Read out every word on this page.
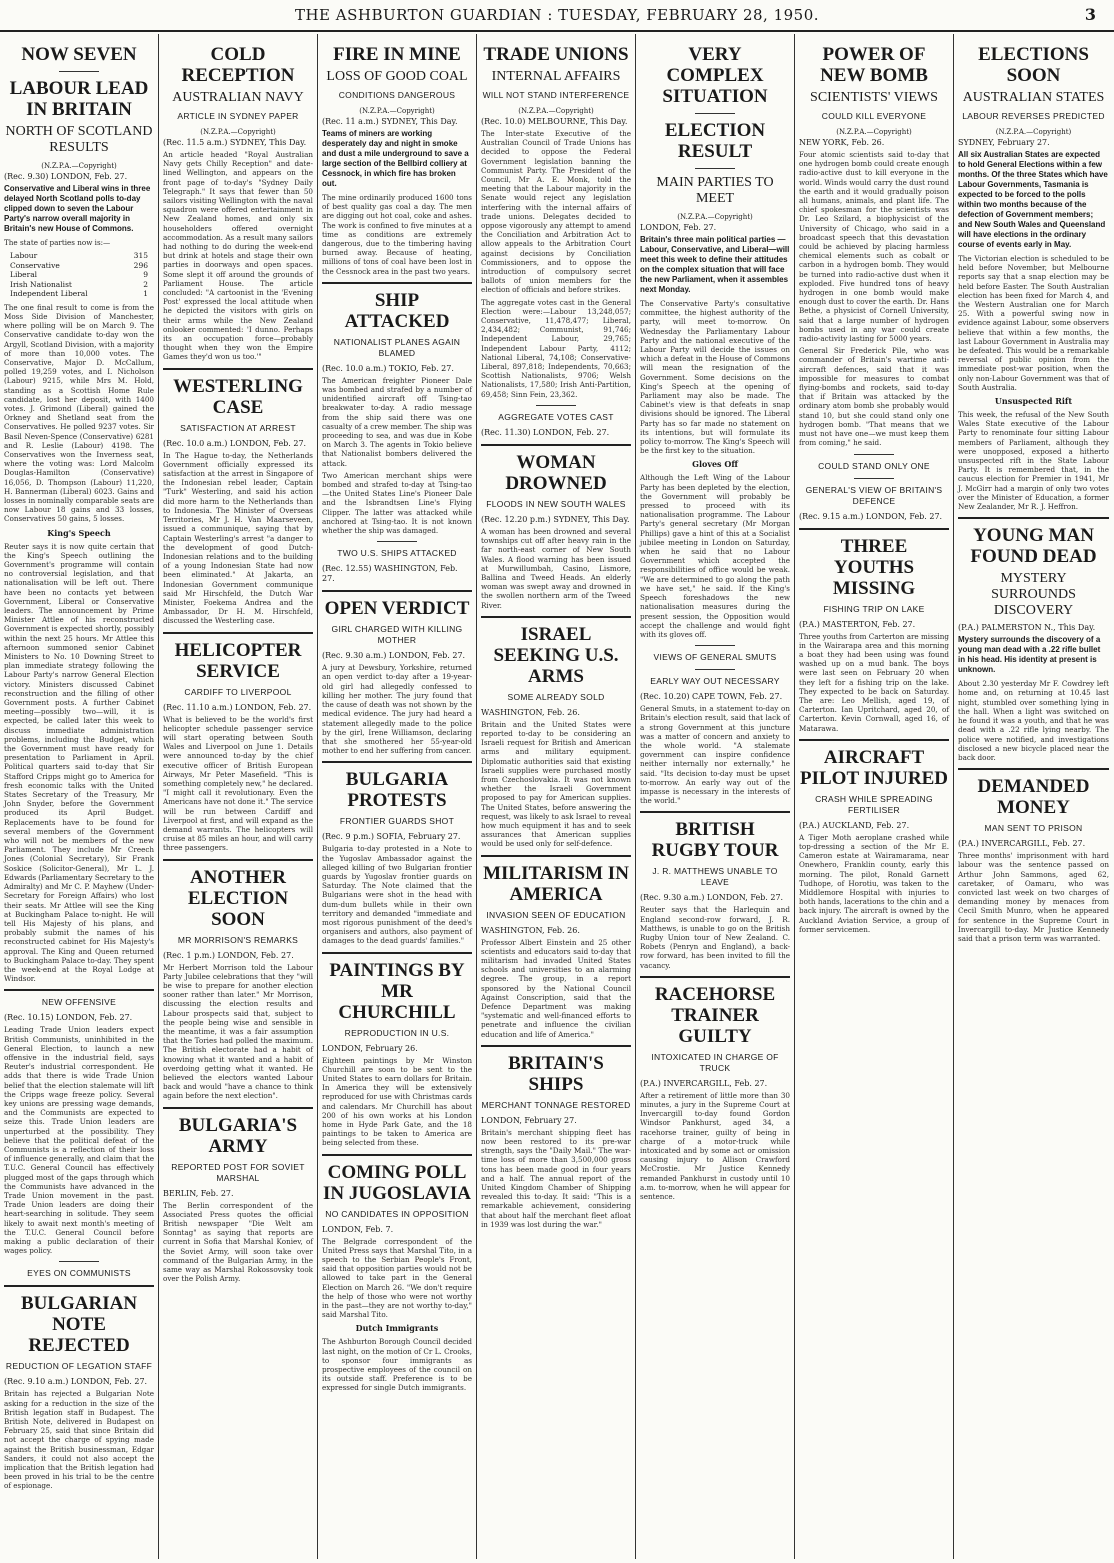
THE ASHBURTON GUARDIAN : TUESDAY, FEBRUARY 28, 1950.	3
NOW SEVEN
LABOUR LEAD IN BRITAIN
NORTH OF SCOTLAND RESULTS
(N.Z.P.A.—Copyright)
(Rec. 9.30) LONDON, Feb. 27.
Conservative and Liberal wins in three delayed North Scotland polls to-day clipped down to seven the Labour Party's narrow overall majority in Britain's new House of Commons.
The state of parties now is:—
Labour	315
Conservative	296
Liberal	9
Irish Nationalist	2
Independent Liberal	1
The one final result to come is from the Moss Side Division of Manchester, where polling will be on March 9. The Conservative candidate to-day won the Argyll, Scotland Division, with a majority of more than 10,000 votes. The Conservative, Major D. McCallum, polled 19,259 votes, and I. Nicholson (Labour) 9215, while Mrs M. Hold, standing as a Scottish Home Rule candidate, lost her deposit, with 1400 votes. J. Grimond (Liberal) gained the Orkney and Shetland seat from the Conservatives. He polled 9237 votes. Sir Basil Neven-Spence (Conservative) 6281 and R. Leslie (Labour) 4198. The Conservatives won the Inverness seat, where the voting was: Lord Malcolm Douglas-Hamilton (Conservative) 16,056, D. Thompson (Labour) 11,220, H. Bannerman (Liberal) 6023. Gains and losses in nominally comparable seats are now Labour 18 gains and 33 losses, Conservatives 50 gains, 5 losses.
King's Speech
Reuter says it is now quite certain that the King's Speech outlining the Government's programme will contain no controversial legislation, and that nationalisation will be left out. There have been no contacts yet between Government, Liberal or Conservative leaders. The announcement by Prime Minister Attlee of his reconstructed Government is expected shortly, possibly within the next 25 hours. Mr Attlee this afternoon summoned senior Cabinet Ministers to No. 10 Downing Street to plan immediate strategy following the Labour Party's narrow General Election victory. Ministers discussed Cabinet reconstruction and the filling of other Government posts. A further Cabinet meeting—possibly two—will, it is expected, be called later this week to discuss immediate administration problems, including the Budget, which the Government must have ready for presentation to Parliament in April. Political quarters said to-day that Sir Stafford Cripps might go to America for fresh economic talks with the United States Secretary of the Treasury, Mr John Snyder, before the Government produced its April Budget. Replacements have to be found for several members of the Government who will not be members of the new Parliament. They include Mr Creech Jones (Colonial Secretary), Sir Frank Soskice (Solicitor-General), Mr L. J. Edwards (Parliamentary Secretary to the Admiralty) and Mr C. P. Mayhew (Under-Secretary for Foreign Affairs) who lost their seats. Mr Attlee will see the King at Buckingham Palace to-night. He will tell His Majesty of his plans, and probably submit the names of his reconstructed cabinet for His Majesty's approval. The King and Queen returned to Buckingham Palace to-day. They spent the week-end at the Royal Lodge at Windsor.
NEW OFFENSIVE
(Rec. 10.15) LONDON, Feb. 27.
Leading Trade Union leaders expect British Communists, uninhibited in the General Election, to launch a new offensive in the industrial field, says Reuter's industrial correspondent. He adds that there is wide Trade Union belief that the election stalemate will lift the Cripps wage freeze policy. Several key unions are pressing wage demands, and the Communists are expected to seize this. Trade Union leaders are unperturbed at the possibility. They believe that the political defeat of the Communists is a reflection of their loss of influence generally, and claim that the T.U.C. General Council has effectively plugged most of the gaps through which the Communists have advanced in the Trade Union movement in the past. Trade Union leaders are doing their heart-searching in solitude. They seem likely to await next month's meeting of the T.U.C. General Council before making a public declaration of their wages policy.
EYES ON COMMUNISTS
BULGARIAN NOTE REJECTED
REDUCTION OF LEGATION STAFF
(Rec. 9.10 a.m.) LONDON, Feb. 27.
Britain has rejected a Bulgarian Note asking for a reduction in the size of the British legation staff in Budapest. The British Note, delivered in Budapest on February 25, said that since Britain did not accept the charge of spying made against the British businessman, Edgar Sanders, it could not also accept the implication that the British legation had been proved in his trial to be the centre of espionage.
COLD RECEPTION
AUSTRALIAN NAVY
ARTICLE IN SYDNEY PAPER
(N.Z.P.A.—Copyright)
(Rec. 11.5 a.m.) SYDNEY, This Day.
An article headed "Royal Australian Navy gets Chilly Reception" and date-lined Wellington, and appears on the front page of to-day's "Sydney Daily Telegraph." It says that fewer than 50 sailors visiting Wellington with the naval squadron were offered entertainment in New Zealand homes, and only six householders offered overnight accommodation. As a result many sailors had nothing to do during the week-end but drink at hotels and stage their own parties in doorways and open spaces. Some slept it off around the grounds of Parliament House. The article concluded: "A cartoonist in the 'Evening Post' expressed the local attitude when he depicted the visitors with girls on their arms while the New Zealand onlooker commented: 'I dunno. Perhaps its an occupation force—probably thought when they won the Empire Games they'd won us too.'"
WESTERLING CASE
SATISFACTION AT ARREST
(Rec. 10.0 a.m.) LONDON, Feb. 27.
In The Hague to-day, the Netherlands Government officially expressed its satisfaction at the arrest in Singapore of the Indonesian rebel leader, Captain "Turk" Westerling, and said his action did more harm to the Netherlands than to Indonesia. The Minister of Overseas Territories, Mr J. H. Van Maarseveen, issued a communique, saying that by Captain Westerling's arrest "a danger to the development of good Dutch-Indonesian relations and to the building of a young Indonesian State had now been eliminated." At Jakarta, an Indonesian Government communique said Mr Hirschfeld, the Dutch War Minister, Foekema Andrea and the Ambassador, Dr H. M. Hirschfeld, discussed the Westerling case.
HELICOPTER SERVICE
CARDIFF TO LIVERPOOL
(Rec. 11.10 a.m.) LONDON, Feb. 27.
What is believed to be the world's first helicopter schedule passenger service will start operating between South Wales and Liverpool on June 1. Details were announced to-day by the chief executive officer of British European Airways, Mr Peter Masefield. "This is something completely new," he declared. "I might call it revolutionary. Even the Americans have not done it." The service will be run between Cardiff and Liverpool at first, and will expand as the demand warrants. The helicopters will cruise at 85 miles an hour, and will carry three passengers.
ANOTHER ELECTION SOON
MR MORRISON'S REMARKS
(Rec. 1 p.m.) LONDON, Feb. 27.
Mr Herbert Morrison told the Labour Party Jubilee celebrations that they "will be wise to prepare for another election sooner rather than later." Mr Morrison, discussing the election results and Labour prospects said that, subject to the people being wise and sensible in the meantime, it was a fair assumption that the Tories had polled the maximum. The British electorate had a habit of knowing what it wanted and a habit of overdoing getting what it wanted. He believed the electors wanted Labour back and would "have a chance to think again before the next election".
BULGARIA'S ARMY
REPORTED POST FOR SOVIET MARSHAL
BERLIN, Feb. 27.
The Berlin correspondent of the Associated Press quotes the official British newspaper "Die Welt am Sonntag" as saying that reports are current in Sofia that Marshal Koniev, of the Soviet Army, will soon take over command of the Bulgarian Army, in the same way as Marshal Rokossovsky took over the Polish Army.
FIRE IN MINE
LOSS OF GOOD COAL
CONDITIONS DANGEROUS
(N.Z.P.A.—Copyright)
(Rec. 11 a.m.) SYDNEY, This Day.
Teams of miners are working desperately day and night in smoke and dust a mile underground to save a large section of the Bellbird colliery at Cessnock, in which fire has broken out.
The mine ordinarily produced 1600 tons of best quality gas coal a day. The men are digging out hot coal, coke and ashes. The work is confined to five minutes at a time as conditions are extremely dangerous, due to the timbering having burned away. Because of heating, millions of tons of coal have been lost in the Cessnock area in the past two years.
SHIP ATTACKED
NATIONALIST PLANES AGAIN BLAMED
(Rec. 10.0 a.m.) TOKIO, Feb. 27.
The American freighter Pioneer Dale was bombed and strafed by a number of unidentified aircraft off Tsing-tao breakwater to-day. A radio message from the ship said there was one casualty of a crew member. The ship was proceeding to sea, and was due in Kobe on March 3. The agents in Tokio believe that Nationalist bombers delivered the attack.
Two American merchant ships were bombed and strafed to-day at Tsing-tao—the United States Line's Pioneer Dale and the Isbrandtsen Line's Flying Clipper. The latter was attacked while anchored at Tsing-tao. It is not known whether the ship was damaged.
TWO U.S. SHIPS ATTACKED
(Rec. 12.55) WASHINGTON, Feb. 27.
OPEN VERDICT
GIRL CHARGED WITH KILLING MOTHER
(Rec. 9.30 a.m.) LONDON, Feb. 27.
A jury at Dewsbury, Yorkshire, returned an open verdict to-day after a 19-year-old girl had allegedly confessed to killing her mother. The jury found that the cause of death was not shown by the medical evidence. The jury had heard a statement allegedly made to the police by the girl, Irene Williamson, declaring that she smothered her 55-year-old mother to end her suffering from cancer.
BULGARIA PROTESTS
FRONTIER GUARDS SHOT
(Rec. 9 p.m.) SOFIA, February 27.
Bulgaria to-day protested in a Note to the Yugoslav Ambassador against the alleged killing of two Bulgarian frontier guards by Yugoslav frontier guards on Saturday. The Note claimed that the Bulgarians were shot in the head with dum-dum bullets while in their own territory and demanded "immediate and most rigorous punishment of the deed's organisers and authors, also payment of damages to the dead guards' families."
PAINTINGS BY MR CHURCHILL
REPRODUCTION IN U.S.
LONDON, February 26.
Eighteen paintings by Mr Winston Churchill are soon to be sent to the United States to earn dollars for Britain. In America they will be extensively reproduced for use with Christmas cards and calendars. Mr Churchill has about 200 of his own works at his London home in Hyde Park Gate, and the 18 paintings to be taken to America are being selected from these.
COMING POLL IN JUGOSLAVIA
NO CANDIDATES IN OPPOSITION
LONDON, Feb. 7.
The Belgrade correspondent of the United Press says that Marshal Tito, in a speech to the Serbian People's Front, said that opposition parties would not be allowed to take part in the General Election on March 26. "We don't require the help of those who were not worthy in the past—they are not worthy to-day," said Marshal Tito.
Dutch Immigrants
The Ashburton Borough Council decided last night, on the motion of Cr L. Crooks, to sponsor four immigrants as prospective employees of the council on its outside staff. Preference is to be expressed for single Dutch immigrants.
TRADE UNIONS
INTERNAL AFFAIRS
WILL NOT STAND INTERFERENCE
(N.Z.P.A.—Copyright)
(Rec. 10.0) MELBOURNE, This Day.
The Inter-state Executive of the Australian Council of Trade Unions has decided to oppose the Federal Government legislation banning the Communist Party. The President of the Council, Mr A. E. Monk, told the meeting that the Labour majority in the Senate would reject any legislation interfering with the internal affairs of trade unions. Delegates decided to oppose vigorously any attempt to amend the Conciliation and Arbitration Act to allow appeals to the Arbitration Court against decisions by Conciliation Commissioners, and to oppose the introduction of compulsory secret ballots of union members for the election of officials and before strikes.
The aggregate votes cast in the General Election were:—Labour 13,248,057; Conservative, 11,478,477; Liberal, 2,434,482; Communist, 91,746; Independent Labour, 29,765; Independent Labour Party, 4112; National Liberal, 74,108; Conservative-Liberal, 897,818; Independents, 70,663; Scottish Nationalists, 9706; Welsh Nationalists, 17,580; Irish Anti-Partition, 69,458; Sinn Fein, 23,362.
AGGREGATE VOTES CAST
(Rec. 11.30) LONDON, Feb. 27.
WOMAN DROWNED
FLOODS IN NEW SOUTH WALES
(Rec. 12.20 p.m.) SYDNEY, This Day.
A woman has been drowned and several townships cut off after heavy rain in the far north-east corner of New South Wales. A flood warning has been issued at Murwillumbah, Casino, Lismore, Ballina and Tweed Heads. An elderly woman was swept away and drowned in the swollen northern arm of the Tweed River.
ISRAEL SEEKING U.S. ARMS
SOME ALREADY SOLD
WASHINGTON, Feb. 26.
Britain and the United States were reported to-day to be considering an Israeli request for British and American arms and military equipment. Diplomatic authorities said that existing Israeli supplies were purchased mostly from Czechoslovakia. It was not known whether the Israeli Government proposed to pay for American supplies. The United States, before answering the request, was likely to ask Israel to reveal how much equipment it has and to seek assurances that American supplies would be used only for self-defence.
MILITARISM IN AMERICA
INVASION SEEN OF EDUCATION
WASHINGTON, Feb. 26.
Professor Albert Einstein and 25 other scientists and educators said to-day that militarism had invaded United States schools and universities to an alarming degree. The group, in a report sponsored by the National Council Against Conscription, said that the Defence Department was making "systematic and well-financed efforts to penetrate and influence the civilian education and life of America."
BRITAIN'S SHIPS
MERCHANT TONNAGE RESTORED
LONDON, February 27.
Britain's merchant shipping fleet has now been restored to its pre-war strength, says the "Daily Mail." The war-time loss of more than 3,500,000 gross tons has been made good in four years and a half. The annual report of the United Kingdom Chamber of Shipping revealed this to-day. It said: "This is a remarkable achievement, considering that about half the merchant fleet afloat in 1939 was lost during the war."
VERY COMPLEX SITUATION
ELECTION RESULT
MAIN PARTIES TO MEET
(N.Z.P.A.—Copyright)
LONDON, Feb. 27.
Britain's three main political parties — Labour, Conservative, and Liberal—will meet this week to define their attitudes on the complex situation that will face the new Parliament, when it assembles next Monday.
The Conservative Party's consultative committee, the highest authority of the party, will meet to-morrow. On Wednesday the Parliamentary Labour Party and the national executive of the Labour Party will decide the issues on which a defeat in the House of Commons will mean the resignation of the Government. Some decisions on the King's Speech at the opening of Parliament may also be made. The Cabinet's view is that defeats in snap divisions should be ignored. The Liberal Party has so far made no statement on its intentions, but will formulate its policy to-morrow. The King's Speech will be the first key to the situation.
Gloves Off
Although the Left Wing of the Labour Party has been depleted by the election, the Government will probably be pressed to proceed with its nationalisation programme. The Labour Party's general secretary (Mr Morgan Phillips) gave a hint of this at a Socialist jubilee meeting in London on Saturday, when he said that no Labour Government which accepted the responsibilities of office would be weak. "We are determined to go along the path we have set," he said. If the King's Speech foreshadows the new nationalisation measures during the present session, the Opposition would accept the challenge and would fight with its gloves off.
VIEWS OF GENERAL SMUTS
EARLY WAY OUT NECESSARY
(Rec. 10.20) CAPE TOWN, Feb. 27.
General Smuts, in a statement to-day on Britain's election result, said that lack of a strong Government at this juncture was a matter of concern and anxiety to the whole world. "A stalemate government can inspire confidence neither internally nor externally," he said. "Its decision to-day must be upset to-morrow. An early way out of the impasse is necessary in the interests of the world."
BRITISH RUGBY TOUR
J. R. MATTHEWS UNABLE TO LEAVE
(Rec. 9.30 a.m.) LONDON, Feb. 27.
Reuter says that the Harlequin and England second-row forward, J. R. Matthews, is unable to go on the British Rugby Union tour of New Zealand. C. Robets (Penryn and England), a back-row forward, has been invited to fill the vacancy.
RACEHORSE TRAINER GUILTY
INTOXICATED IN CHARGE OF TRUCK
(P.A.) INVERCARGILL, Feb. 27.
After a retirement of little more than 30 minutes, a jury in the Supreme Court at Invercargill to-day found Gordon Windsor Pankhurst, aged 34, a racehorse trainer, guilty of being in charge of a motor-truck while intoxicated and by some act or omission causing injury to Allison Crawford McCrostie. Mr Justice Kennedy remanded Pankhurst in custody until 10 a.m. to-morrow, when he will appear for sentence.
POWER OF NEW BOMB
SCIENTISTS' VIEWS
COULD KILL EVERYONE
(N.Z.P.A.—Copyright)
NEW YORK, Feb. 26.
Four atomic scientists said to-day that one hydrogen bomb could create enough radio-active dust to kill everyone in the world. Winds would carry the dust round the earth and it would gradually poison all humans, animals, and plant life. The chief spokesman for the scientists was Dr. Leo Szilard, a biophysicist of the University of Chicago, who said in a broadcast speech that this devastation could be achieved by placing harmless chemical elements such as cobalt or carbon in a hydrogen bomb. They would be turned into radio-active dust when it exploded. Five hundred tons of heavy hydrogen in one bomb would make enough dust to cover the earth. Dr. Hans Bethe, a physicist of Cornell University, said that a large number of hydrogen bombs used in any war could create radio-activity lasting for 5000 years.
General Sir Frederick Pile, who was commander of Britain's wartime anti-aircraft defences, said that it was impossible for measures to combat flying-bombs and rockets, said to-day that if Britain was attacked by the ordinary atom bomb she probably would stand 10, but she could stand only one hydrogen bomb. "That means that we must not have one—we must keep them from coming," he said.
COULD STAND ONLY ONE
GENERAL'S VIEW OF BRITAIN'S DEFENCE
(Rec. 9.15 a.m.) LONDON, Feb. 27.
THREE YOUTHS MISSING
FISHING TRIP ON LAKE
(P.A.) MASTERTON, Feb. 27.
Three youths from Carterton are missing in the Wairarapa area and this morning a boat they had been using was found washed up on a mud bank. The boys were last seen on February 20 when they left for a fishing trip on the lake. They expected to be back on Saturday. The are: Leo Mellish, aged 19, of Carterton. Ian Upritchard, aged 20, of Carterton. Kevin Cornwall, aged 16, of Matarawa.
AIRCRAFT PILOT INJURED
CRASH WHILE SPREADING FERTILISER
(P.A.) AUCKLAND, Feb. 27.
A Tiger Moth aeroplane crashed while top-dressing a section of the Mr E. Cameron estate at Wairamarama, near Onewhero, Franklin county, early this morning. The pilot, Ronald Garnett Tudhope, of Horotiu, was taken to the Middlemore Hospital with injuries to both hands, lacerations to the chin and a back injury. The aircraft is owned by the Auckland Aviation Service, a group of former servicemen.
ELECTIONS SOON
AUSTRALIAN STATES
LABOUR REVERSES PREDICTED
(N.Z.P.A.—Copyright)
SYDNEY, February 27.
All six Australian States are expected to hold General Elections within a few months. Of the three States which have Labour Governments, Tasmania is expected to be forced to the polls within two months because of the defection of Government members; and New South Wales and Queensland will have elections in the ordinary course of events early in May.
The Victorian election is scheduled to be held before November, but Melbourne reports say that a snap election may be held before Easter. The South Australian election has been fixed for March 4, and the Western Australian one for March 25. With a powerful swing now in evidence against Labour, some observers believe that within a few months, the last Labour Government in Australia may be defeated. This would be a remarkable reversal of public opinion from the immediate post-war position, when the only non-Labour Government was that of South Australia.
Unsuspected Rift
This week, the refusal of the New South Wales State executive of the Labour Party to renominate four sitting Labour members of Parliament, although they were unopposed, exposed a hitherto unsuspected rift in the State Labour Party. It is remembered that, in the caucus election for Premier in 1941, Mr J. McGirr had a margin of only two votes over the Minister of Education, a former New Zealander, Mr R. J. Heffron.
YOUNG MAN FOUND DEAD
MYSTERY SURROUNDS DISCOVERY
(P.A.) PALMERSTON N., This Day.
Mystery surrounds the discovery of a young man dead with a .22 rifle bullet in his head. His identity at present is unknown.
About 2.30 yesterday Mr F. Cowdrey left home and, on returning at 10.45 last night, stumbled over something lying in the hall. When a light was switched on he found it was a youth, and that he was dead with a .22 rifle lying nearby. The police were notified, and investigations disclosed a new bicycle placed near the back door.
DEMANDED MONEY
MAN SENT TO PRISON
(P.A.) INVERCARGILL, Feb. 27.
Three months' imprisonment with hard labour was the sentence passed on Arthur John Sammons, aged 62, caretaker, of Oamaru, who was convicted last week on two charges of demanding money by menaces from Cecil Smith Munro, when he appeared for sentence in the Supreme Court in Invercargill to-day. Mr Justice Kennedy said that a prison term was warranted.
